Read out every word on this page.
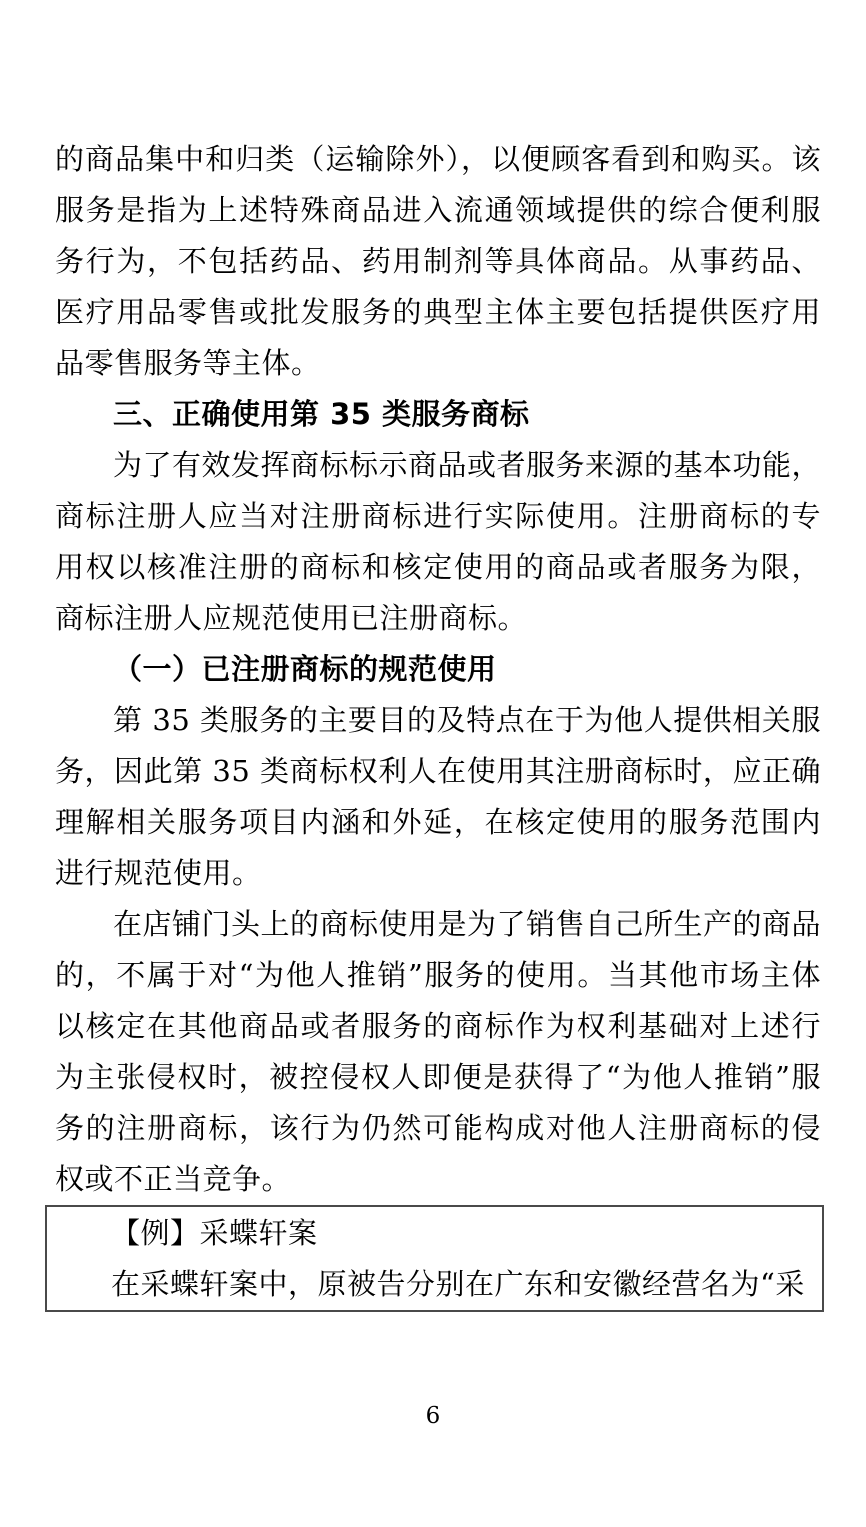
的商品集中和归类（运输除外），以便顾客看到和购买。该服务是指为上述特殊商品进入流通领域提供的综合便利服务行为，不包括药品、药用制剂等具体商品。从事药品、医疗用品零售或批发服务的典型主体主要包括提供医疗用品零售服务等主体。

三、正确使用第 35 类服务商标

为了有效发挥商标标示商品或者服务来源的基本功能，商标注册人应当对注册商标进行实际使用。注册商标的专用权以核准注册的商标和核定使用的商品或者服务为限，商标注册人应规范使用已注册商标。

（一）已注册商标的规范使用

第 35 类服务的主要目的及特点在于为他人提供相关服务，因此第 35 类商标权利人在使用其注册商标时，应正确理解相关服务项目内涵和外延，在核定使用的服务范围内进行规范使用。

在店铺门头上的商标使用是为了销售自己所生产的商品的，不属于对“为他人推销”服务的使用。当其他市场主体以核定在其他商品或者服务的商标作为权利基础对上述行为主张侵权时，被控侵权人即便是获得了“为他人推销”服务的注册商标，该行为仍然可能构成对他人注册商标的侵权或不正当竞争。

【例】采蝶轩案

在采蝶轩案中，原被告分别在广东和安徽经营名为“采

6
